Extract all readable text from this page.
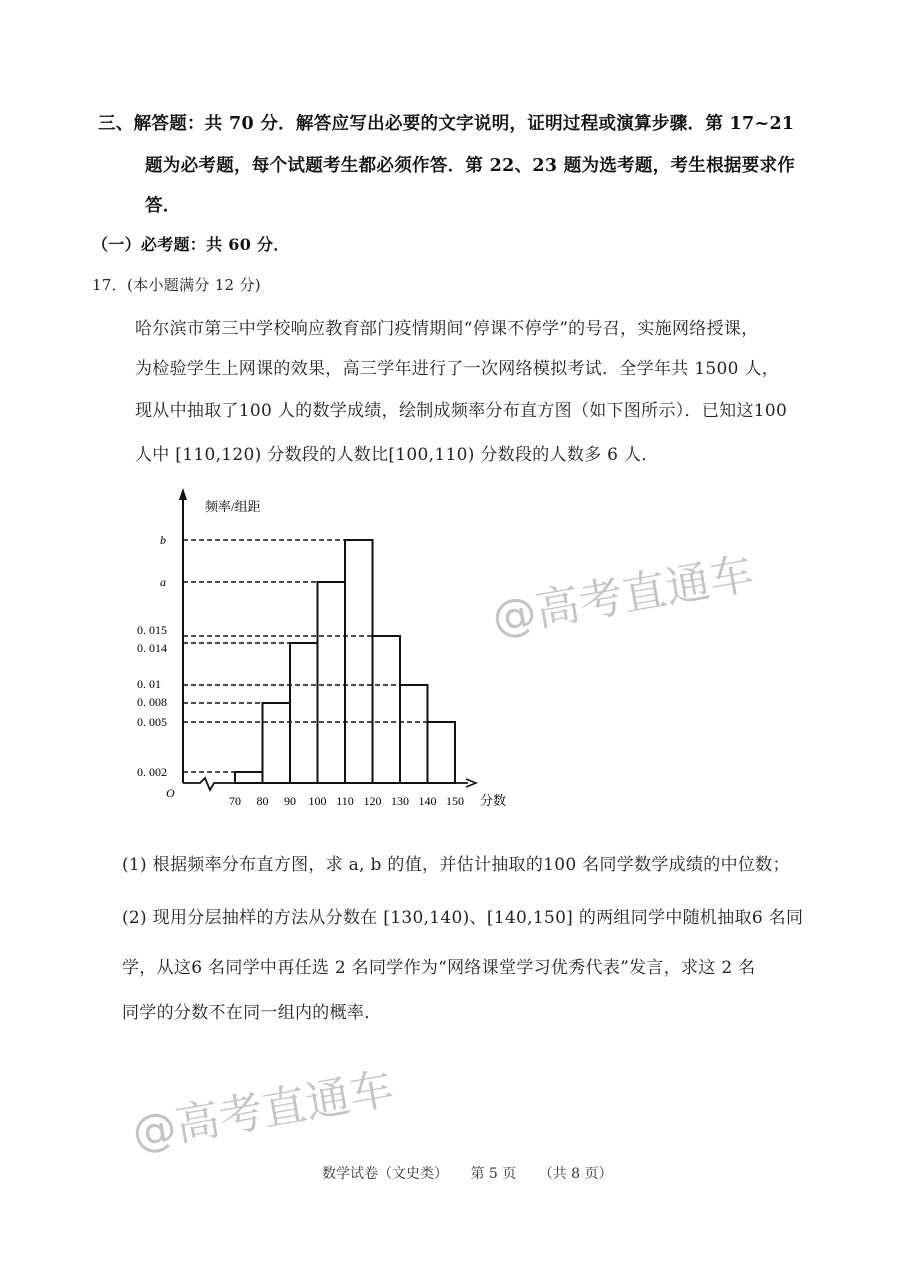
@高考直通车
@高考直通车
三、解答题：共 70 分．解答应写出必要的文字说明，证明过程或演算步骤．第 17~21
题为必考题，每个试题考生都必须作答．第 22、23 题为选考题，考生根据要求作
答．
（一）必考题：共 60 分．
17．(本小题满分 12 分)
哈尔滨市第三中学校响应教育部门疫情期间“停课不停学”的号召，实施网络授课，
为检验学生上网课的效果，高三学年进行了一次网络模拟考试．全学年共 1500 人，
现从中抽取了100 人的数学成绩，绘制成频率分布直方图（如下图所示）．已知这100
人中 [110,120) 分数段的人数比[100,110) 分数段的人数多 6 人．
频率/组距
分数
O
0. 002
0. 005
0. 008
0. 01
0. 014
0. 015
a
b
70 80 90 100 110 120 130 140 150
(1) 根据频率分布直方图，求 a, b 的值，并估计抽取的100 名同学数学成绩的中位数；
(2) 现用分层抽样的方法从分数在 [130,140)、[140,150] 的两组同学中随机抽取6 名同
学，从这6 名同学中再任选 2 名同学作为“网络课堂学习优秀代表”发言，求这 2 名
同学的分数不在同一组内的概率．
数学试卷（文史类） 第 5 页 （共 8 页）
